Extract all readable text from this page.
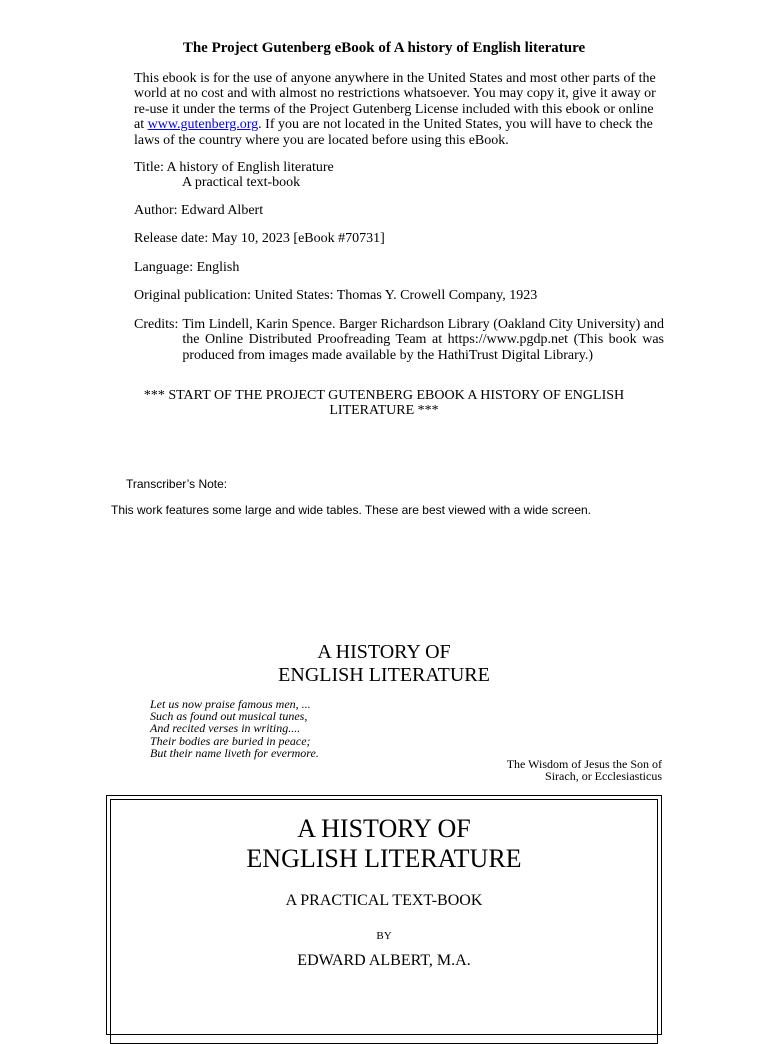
The Project Gutenberg eBook of A history of English literature
This ebook is for the use of anyone anywhere in the United States and most other parts of the world at no cost and with almost no restrictions whatsoever. You may copy it, give it away or re-use it under the terms of the Project Gutenberg License included with this ebook or online at www.gutenberg.org. If you are not located in the United States, you will have to check the laws of the country where you are located before using this eBook.
Title: A history of English literature
A practical text-book
Author: Edward Albert
Release date: May 10, 2023 [eBook #70731]
Language: English
Original publication: United States: Thomas Y. Crowell Company, 1923
Credits: Tim Lindell, Karin Spence. Barger Richardson Library (Oakland City University) and the Online Distributed Proofreading Team at https://www.pgdp.net (This book was produced from images made available by the HathiTrust Digital Library.)
*** START OF THE PROJECT GUTENBERG EBOOK A HISTORY OF ENGLISH LITERATURE ***
Transcriber’s Note:
This work features some large and wide tables. These are best viewed with a wide screen.
A HISTORY OF
ENGLISH LITERATURE
Let us now praise famous men, ...
Such as found out musical tunes,
And recited verses in writing....
Their bodies are buried in peace;
But their name liveth for evermore.
The Wisdom of Jesus the Son of
Sirach, or Ecclesiasticus
A HISTORY OF
ENGLISH LITERATURE
A PRACTICAL TEXT-BOOK
BY
EDWARD ALBERT, M.A.
